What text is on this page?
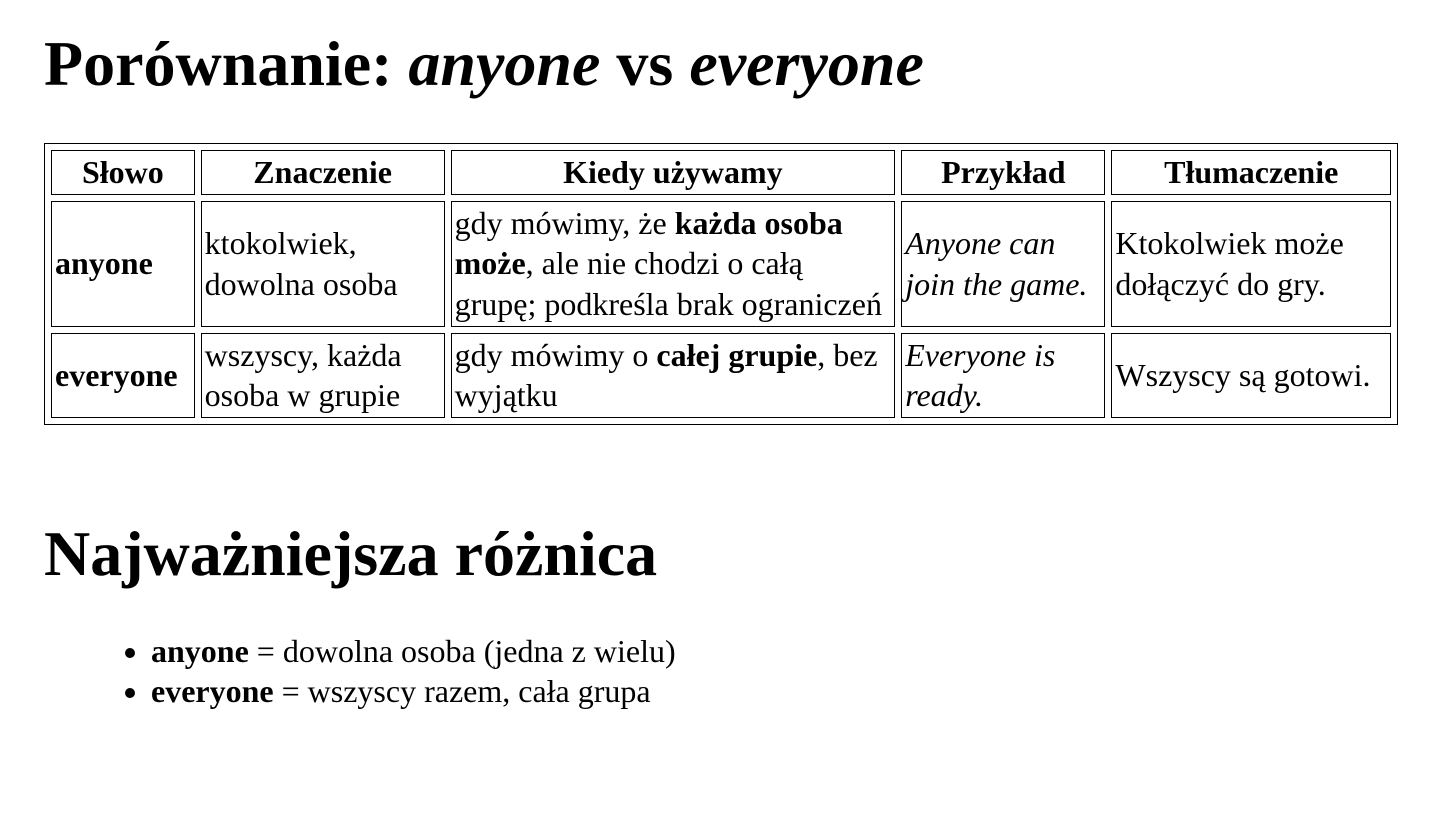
Porównanie: anyone vs everyone
Słowo	Znaczenie	Kiedy używamy	Przykład	Tłumaczenie
anyone	ktokolwiek, dowolna osoba	gdy mówimy, że każda osoba może, ale nie chodzi o całą grupę; podkreśla brak ograniczeń	Anyone can join the game.	Ktokolwiek może dołączyć do gry.
everyone	wszyscy, każda osoba w grupie	gdy mówimy o całej grupie, bez wyjątku	Everyone is ready.	Wszyscy są gotowi.
Najważniejsza różnica
• anyone = dowolna osoba (jedna z wielu)
• everyone = wszyscy razem, cała grupa
